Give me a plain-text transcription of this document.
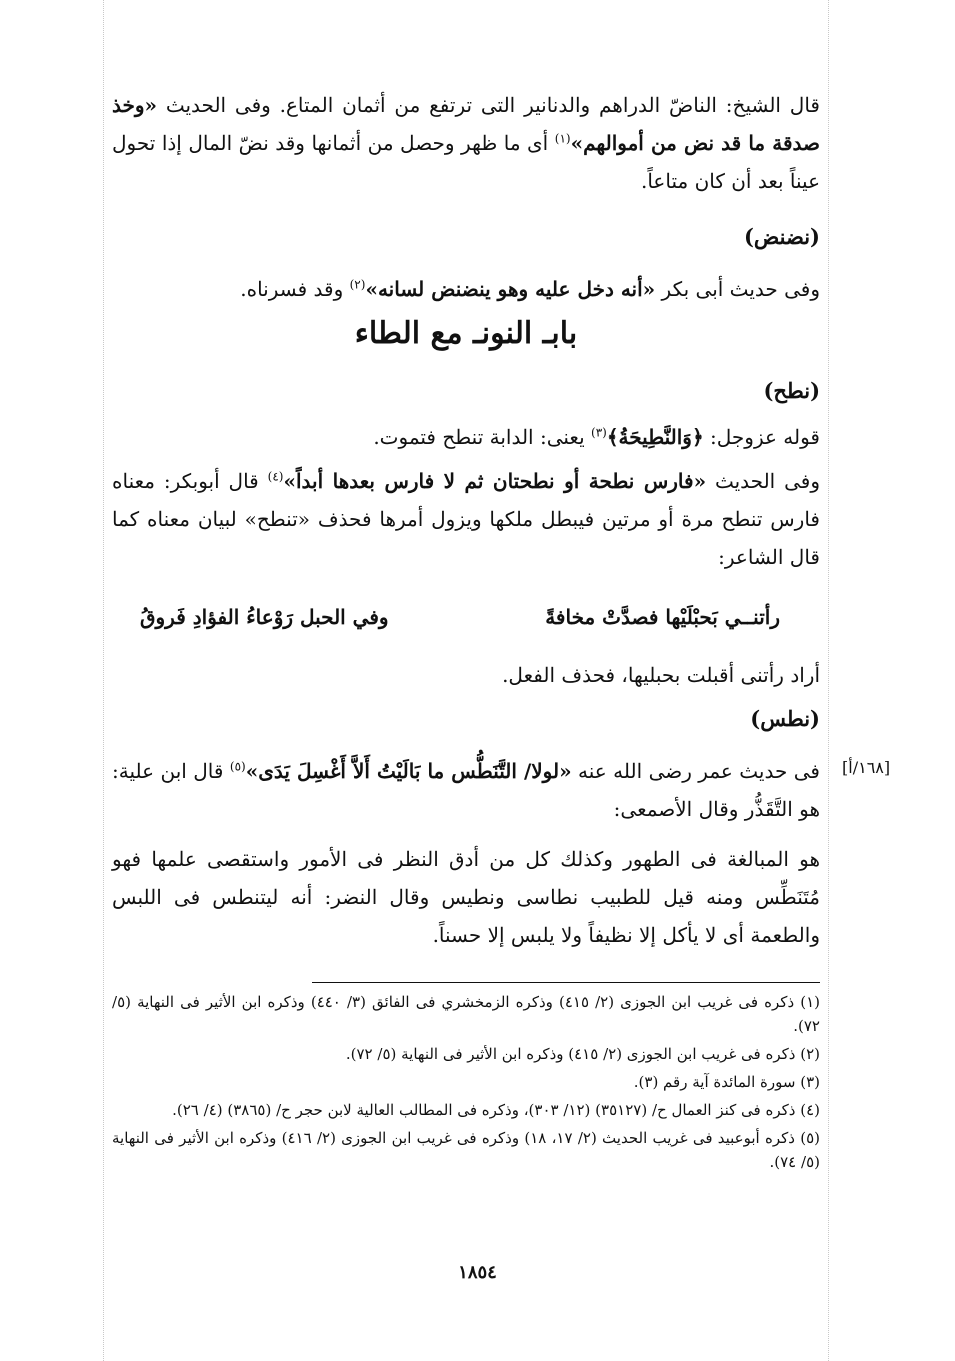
قال الشيخ: الناضّ الدراهم والدنانير التى ترتفع من أثمان المتاع. وفى الحديث «وخذ صدقة ما قد نض من أموالهم»$^{(١)}$ أى ما ظهر وحصل من أثمانها وقد نضّ المال إذا تحول عيناً بعد أن كان متاعاً.

(نضنض)

وفى حديث أبى بكر «أنه دخل عليه وهو ينضنض لسانه»$^{(٢)}$ وقد فسرناه.

بابـ النونـ مع الطاء

(نطح)

قوله عزوجل: ﴿وَالنَّطِيحَةُ﴾$^{(٣)}$ يعنى: الدابة تنطح فتموت.

وفى الحديث «فارس نطحة أو نطحتان ثم لا فارس بعدها أبداً»$^{(٤)}$ قال أبوبكر: معناه فارس تنطح مرة أو مرتين فيبطل ملكها ويزول أمرها فحذف «تنطح» لبيان معناه كما قال الشاعر:

رأتنــي بَحبْلَيْها فصدَّتْ مخافةً
وفي الحبل رَوْعاءُ الفؤادِ فَروقُ

أراد رأتنى أقبلت بحبليها، فحذف الفعل.

(نطس)

فى حديث عمر رضى الله عنه «لولا/ التَّنَطُّس ما بَالَيْتُ أَلاَّ أَغْسِلَ يَدَى»$^{(٥)}$ قال ابن علية: هو التَّقَذُّر وقال الأصمعى:

هو المبالغة فى الطهور وكذلك كل من أدق النظر فى الأمور واستقصى علمها فهو مُتَنَطِّس ومنه قيل للطبيب نطاسى ونطيس وقال النضر: أنه ليتنطس فى اللبس والطعمة أى لا يأكل إلا نظيفاً ولا يلبس إلا حسناً.

[١٦٨/أ]

(١) ذكره فى غريب ابن الجوزى (٢/ ٤١٥) وذكره الزمخشري فى الفائق (٣/ ٤٤٠) وذكره ابن الأثير فى النهاية (٥/ ٧٢).

(٢) ذكره فى غريب ابن الجوزى (٢/ ٤١٥) وذكره ابن الأثير فى النهاية (٥/ ٧٢).

(٣) سورة المائدة آية رقم (٣).

(٤) ذكره فى كنز العمال ح/ (٣٥١٢٧) (١٢/ ٣٠٣)، وذكره فى المطالب العالية لابن حجر ح/ (٣٨٦٥) (٤/ ٢٦).

(٥) ذكره أبوعبيد فى غريب الحديث (٢/ ١٧، ١٨) وذكره فى غريب ابن الجوزى (٢/ ٤١٦) وذكره ابن الأثير فى النهاية (٥/ ٧٤).

١٨٥٤
